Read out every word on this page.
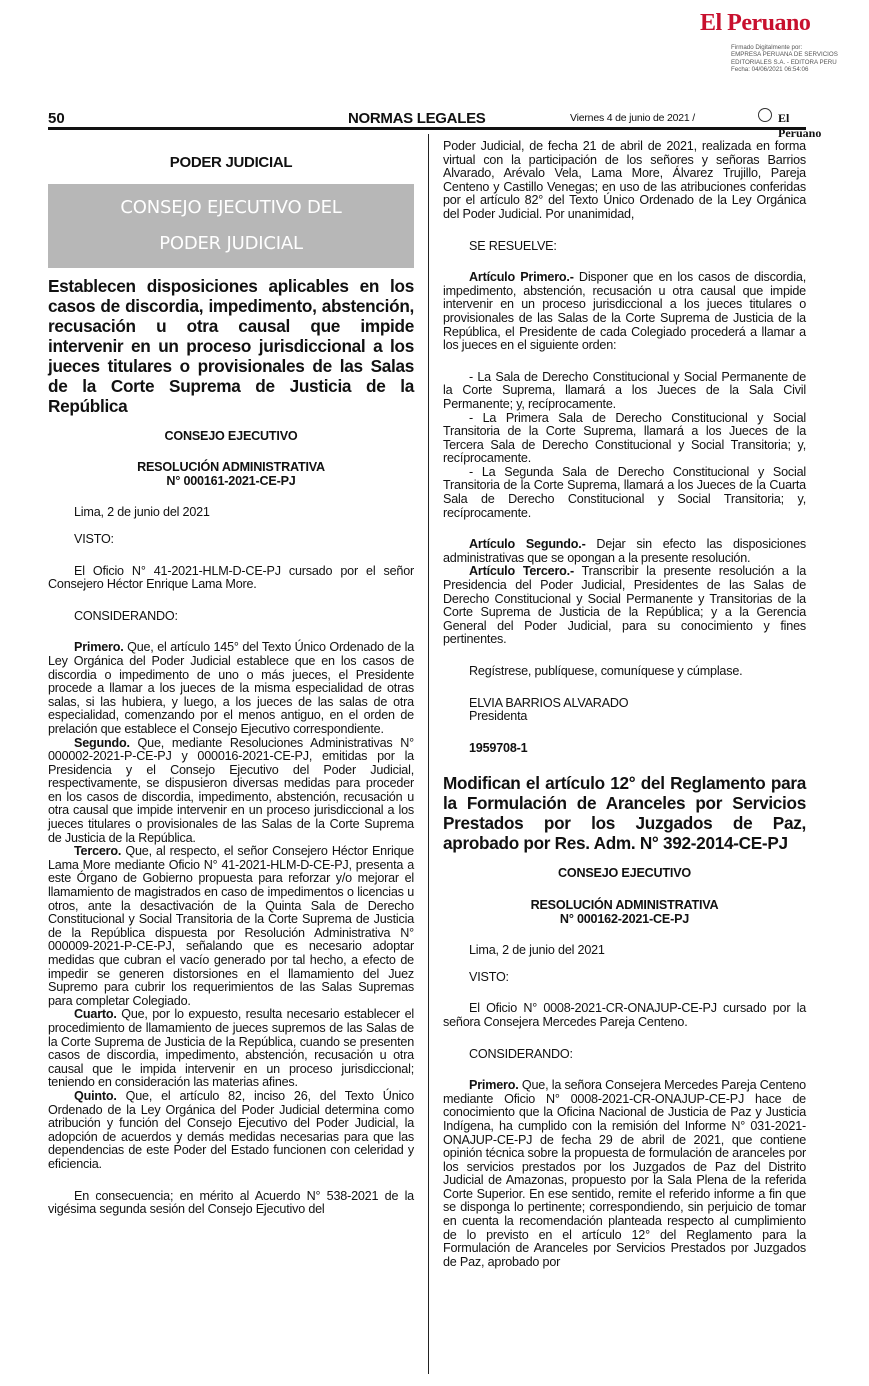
El Peruano
Firmado Digitalmente por:
EMPRESA PERUANA DE SERVICIOS
EDITORIALES S.A. - EDITORA PERU
Fecha: 04/06/2021 06:54:06
50	NORMAS LEGALES	Viernes 4 de junio de 2021 /	El Peruano
PODER JUDICIAL
CONSEJO EJECUTIVO DEL
PODER JUDICIAL
Establecen disposiciones aplicables en los casos de discordia, impedimento, abstención, recusación u otra causal que impide intervenir en un proceso jurisdiccional a los jueces titulares o provisionales de las Salas de la Corte Suprema de Justicia de la República
CONSEJO EJECUTIVO
RESOLUCIÓN ADMINISTRATIVA
N° 000161-2021-CE-PJ

Lima, 2 de junio del 2021

VISTO:

El Oficio N° 41-2021-HLM-D-CE-PJ cursado por el señor Consejero Héctor Enrique Lama More.

CONSIDERANDO:

Primero. Que, el artículo 145° del Texto Único Ordenado de la Ley Orgánica del Poder Judicial establece que en los casos de discordia o impedimento de uno o más jueces, el Presidente procede a llamar a los jueces de la misma especialidad de otras salas, si las hubiera, y luego, a los jueces de las salas de otra especialidad, comenzando por el menos antiguo, en el orden de prelación que establece el Consejo Ejecutivo correspondiente.

Segundo. Que, mediante Resoluciones Administrativas N° 000002-2021-P-CE-PJ y 000016-2021-CE-PJ, emitidas por la Presidencia y el Consejo Ejecutivo del Poder Judicial, respectivamente, se dispusieron diversas medidas para proceder en los casos de discordia, impedimento, abstención, recusación u otra causal que impide intervenir en un proceso jurisdiccional a los jueces titulares o provisionales de las Salas de la Corte Suprema de Justicia de la República.

Tercero. Que, al respecto, el señor Consejero Héctor Enrique Lama More mediante Oficio N° 41-2021-HLM-D-CE-PJ, presenta a este Órgano de Gobierno propuesta para reforzar y/o mejorar el llamamiento de magistrados en caso de impedimentos o licencias u otros, ante la desactivación de la Quinta Sala de Derecho Constitucional y Social Transitoria de la Corte Suprema de Justicia de la República dispuesta por Resolución Administrativa N° 000009-2021-P-CE-PJ, señalando que es necesario adoptar medidas que cubran el vacío generado por tal hecho, a efecto de impedir se generen distorsiones en el llamamiento del Juez Supremo para cubrir los requerimientos de las Salas Supremas para completar Colegiado.

Cuarto. Que, por lo expuesto, resulta necesario establecer el procedimiento de llamamiento de jueces supremos de las Salas de la Corte Suprema de Justicia de la República, cuando se presenten casos de discordia, impedimento, abstención, recusación u otra causal que le impida intervenir en un proceso jurisdiccional; teniendo en consideración las materias afines.

Quinto. Que, el artículo 82, inciso 26, del Texto Único Ordenado de la Ley Orgánica del Poder Judicial determina como atribución y función del Consejo Ejecutivo del Poder Judicial, la adopción de acuerdos y demás medidas necesarias para que las dependencias de este Poder del Estado funcionen con celeridad y eficiencia.

En consecuencia; en mérito al Acuerdo N° 538-2021 de la vigésima segunda sesión del Consejo Ejecutivo del

Poder Judicial, de fecha 21 de abril de 2021, realizada en forma virtual con la participación de los señores y señoras Barrios Alvarado, Arévalo Vela, Lama More, Álvarez Trujillo, Pareja Centeno y Castillo Venegas; en uso de las atribuciones conferidas por el artículo 82° del Texto Único Ordenado de la Ley Orgánica del Poder Judicial. Por unanimidad,

SE RESUELVE:

Artículo Primero.- Disponer que en los casos de discordia, impedimento, abstención, recusación u otra causal que impide intervenir en un proceso jurisdiccional a los jueces titulares o provisionales de las Salas de la Corte Suprema de Justicia de la República, el Presidente de cada Colegiado procederá a llamar a los jueces en el siguiente orden:

- La Sala de Derecho Constitucional y Social Permanente de la Corte Suprema, llamará a los Jueces de la Sala Civil Permanente; y, recíprocamente.

- La Primera Sala de Derecho Constitucional y Social Transitoria de la Corte Suprema, llamará a los Jueces de la Tercera Sala de Derecho Constitucional y Social Transitoria; y, recíprocamente.

- La Segunda Sala de Derecho Constitucional y Social Transitoria de la Corte Suprema, llamará a los Jueces de la Cuarta Sala de Derecho Constitucional y Social Transitoria; y, recíprocamente.

Artículo Segundo.- Dejar sin efecto las disposiciones administrativas que se opongan a la presente resolución.

Artículo Tercero.- Transcribir la presente resolución a la Presidencia del Poder Judicial, Presidentes de las Salas de Derecho Constitucional y Social Permanente y Transitorias de la Corte Suprema de Justicia de la República; y a la Gerencia General del Poder Judicial, para su conocimiento y fines pertinentes.

Regístrese, publíquese, comuníquese y cúmplase.

ELVIA BARRIOS ALVARADO

Presidenta

1959708-1

Modifican el artículo 12° del Reglamento para la Formulación de Aranceles por Servicios Prestados por los Juzgados de Paz, aprobado por Res. Adm. N° 392-2014-CE-PJ
CONSEJO EJECUTIVO
RESOLUCIÓN ADMINISTRATIVA
N° 000162-2021-CE-PJ

Lima, 2 de junio del 2021

VISTO:

El Oficio N° 0008-2021-CR-ONAJUP-CE-PJ cursado por la señora Consejera Mercedes Pareja Centeno.

CONSIDERANDO:

Primero. Que, la señora Consejera Mercedes Pareja Centeno mediante Oficio N° 0008-2021-CR-ONAJUP-CE-PJ hace de conocimiento que la Oficina Nacional de Justicia de Paz y Justicia Indígena, ha cumplido con la remisión del Informe N° 031-2021-ONAJUP-CE-PJ de fecha 29 de abril de 2021, que contiene opinión técnica sobre la propuesta de formulación de aranceles por los servicios prestados por los Juzgados de Paz del Distrito Judicial de Amazonas, propuesto por la Sala Plena de la referida Corte Superior. En ese sentido, remite el referido informe a fin que se disponga lo pertinente; correspondiendo, sin perjuicio de tomar en cuenta la recomendación planteada respecto al cumplimiento de lo previsto en el artículo 12° del Reglamento para la Formulación de Aranceles por Servicios Prestados por Juzgados de Paz, aprobado por
